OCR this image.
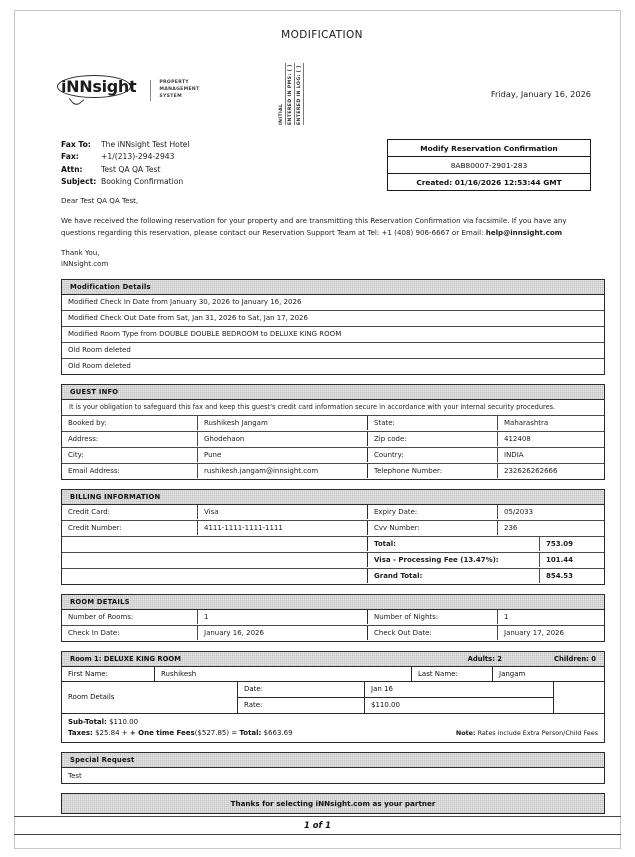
MODIFICATION
iNNsight	PROPERTY
MANAGEMENT
SYSTEM
INITIAL ENTERED IN PMS: [ ] ENTERED IN LOG: [ ]	Friday, January 16, 2026
Fax To:	The iNNsight Test Hotel
Fax:	+1/(213)-294-2943
Attn:	Test QA QA Test
Subject: Booking Confirmation
Modify Reservation Confirmation
8AB80007-2901-283
Created: 01/16/2026 12:53:44 GMT

Dear Test QA QA Test,

We have received the following reservation for your property and are transmitting this Reservation Confirmation via facsimile. If you have any questions regarding this reservation, please contact our Reservation Support Team at Tel: +1 (408) 906-6667 or Email: help@innsight.com

Thank You,

iNNsight.com

Modification Details
Modified Check In Date from January 30, 2026 to January 16, 2026
Modified Check Out Date from Sat, Jan 31, 2026 to Sat, Jan 17, 2026
Modified Room Type from DOUBLE DOUBLE BEDROOM to DELUXE KING ROOM
Old Room deleted
Old Room deleted
GUEST INFO
It is your obligation to safeguard this fax and keep this guest's credit card information secure in accordance with your internal security procedures.
Booked by:	Rushikesh Jangam	State:	Maharashtra
Address:	Ghodehaon	Zip code:	412408
City:	Pune	Country:	INDIA
Email Address:	rushikesh.jangam@innsight.com	Telephone Number:	232626262666
BILLING INFORMATION
Credit Card:	Visa	Expiry Date:	05/2033
Credit Number:	4111-1111-1111-1111	Cvv Number:	236

Total:	753.09

Visa - Processing Fee (13.47%):	101.44

Grand Total:	854.53
ROOM DETAILS
Number of Rooms:	1	Number of Nights:	1
Check In Date:	January 16, 2026	Check Out Date:	January 17, 2026
Room 1: DELUXE KING ROOM	Adults: 2	Children: 0
First Name:	Rushikesh	Last Name:	Jangam
Room Details
Date:	Jan 16
Rate:	$110.00
Sub-Total: $110.00
Taxes: $25.84 + + One time Fees($527.85) = Total: $663.69	Note: Rates include Extra Person/Child Fees
Special Request
Test
Thanks for selecting iNNsight.com as your partner
1 of 1
